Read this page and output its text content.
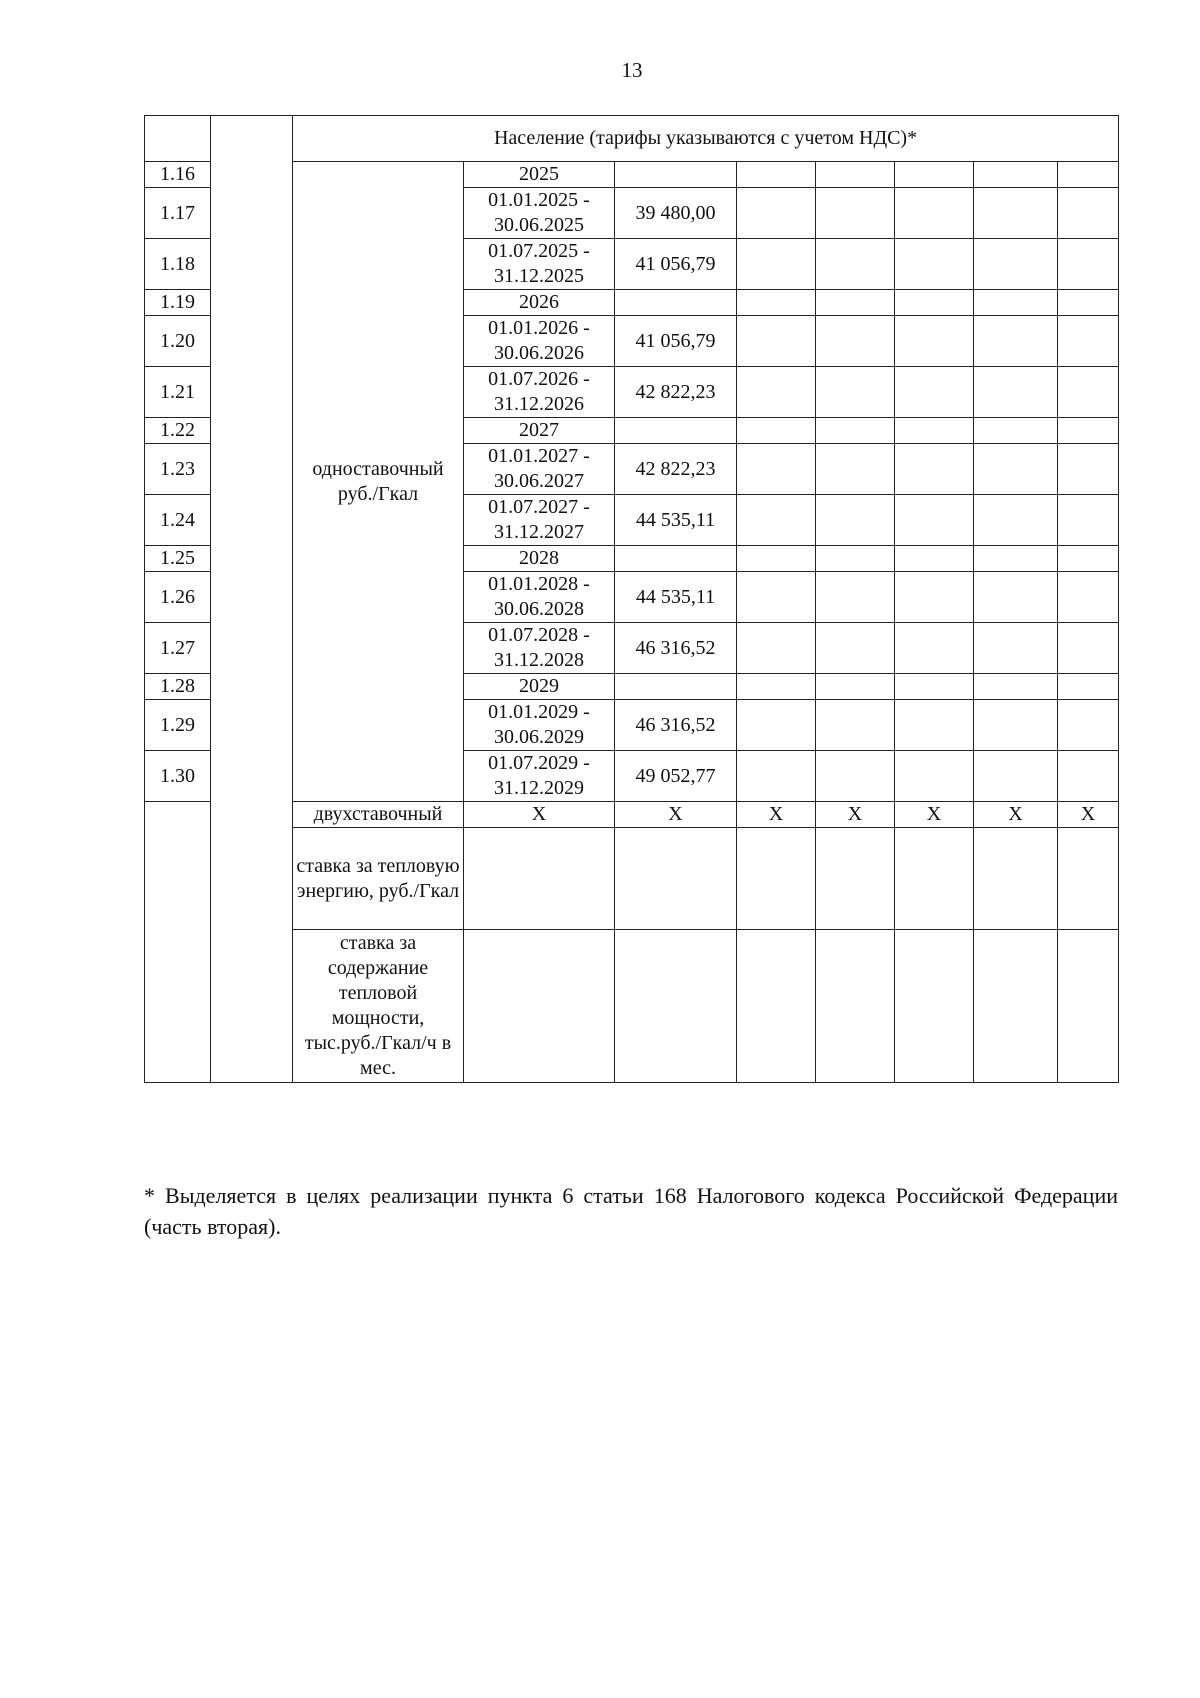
13
		Население (тарифы указываются с учетом НДС)*								
1.16		одноставочный руб./Гкал	2025							
1.17			01.01.2025 - 30.06.2025	39 480,00						
1.18			01.07.2025 - 31.12.2025	41 056,79						
1.19			2026							
1.20			01.01.2026 - 30.06.2026	41 056,79						
1.21			01.07.2026 - 31.12.2026	42 822,23						
1.22			2027							
1.23			01.01.2027 - 30.06.2027	42 822,23						
1.24			01.07.2027 - 31.12.2027	44 535,11						
1.25			2028							
1.26			01.01.2028 - 30.06.2028	44 535,11						
1.27			01.07.2028 - 31.12.2028	46 316,52						
1.28			2029							
1.29			01.01.2029 - 30.06.2029	46 316,52						
1.30			01.07.2029 - 31.12.2029	49 052,77						
		двухставочный	Х	Х	Х	Х	Х	Х	Х	
		ставка за тепловую энергию, руб./Гкал								
		ставка за содержание тепловой мощности, тыс.руб./Гкал/ч в мес.								
* Выделяется в целях реализации пункта 6 статьи 168 Налогового кодекса Российской Федерации (часть вторая).
